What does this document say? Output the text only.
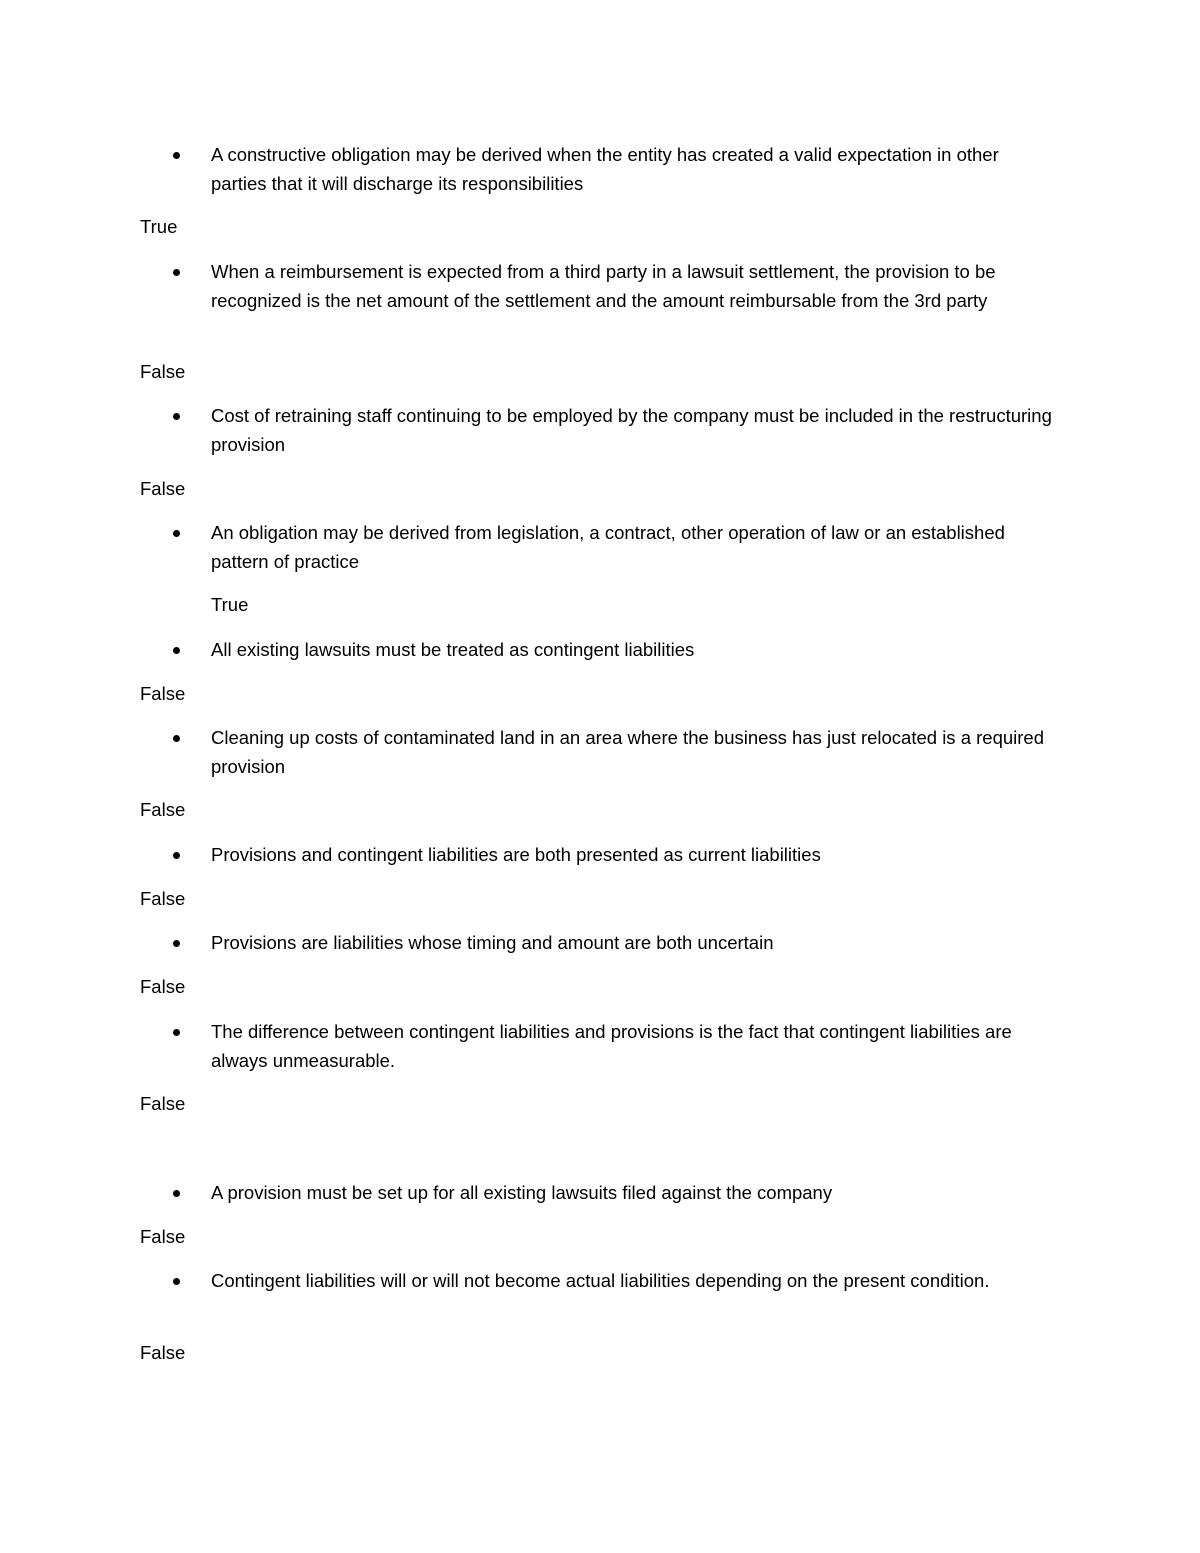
A constructive obligation may be derived when the entity has created a valid expectation in other parties that it will discharge its responsibilities
True
When a reimbursement is expected from a third party in a lawsuit settlement, the provision to be recognized is the net amount of the settlement and the amount reimbursable from the 3rd party
False
Cost of retraining staff continuing to be employed by the company must be included in the restructuring provision
False
An obligation may be derived from legislation, a contract, other operation of law or an established pattern of practice
True
All existing lawsuits must be treated as contingent liabilities
False
Cleaning up costs of contaminated land in an area where the business has just relocated is a required provision
False
Provisions and contingent liabilities are both presented as current liabilities
False
Provisions are liabilities whose timing and amount are both uncertain
False
The difference between contingent liabilities and provisions is the fact that contingent liabilities are always unmeasurable.
False
A provision must be set up for all existing lawsuits filed against the company
False
Contingent liabilities will or will not become actual liabilities depending on the present condition.
False
